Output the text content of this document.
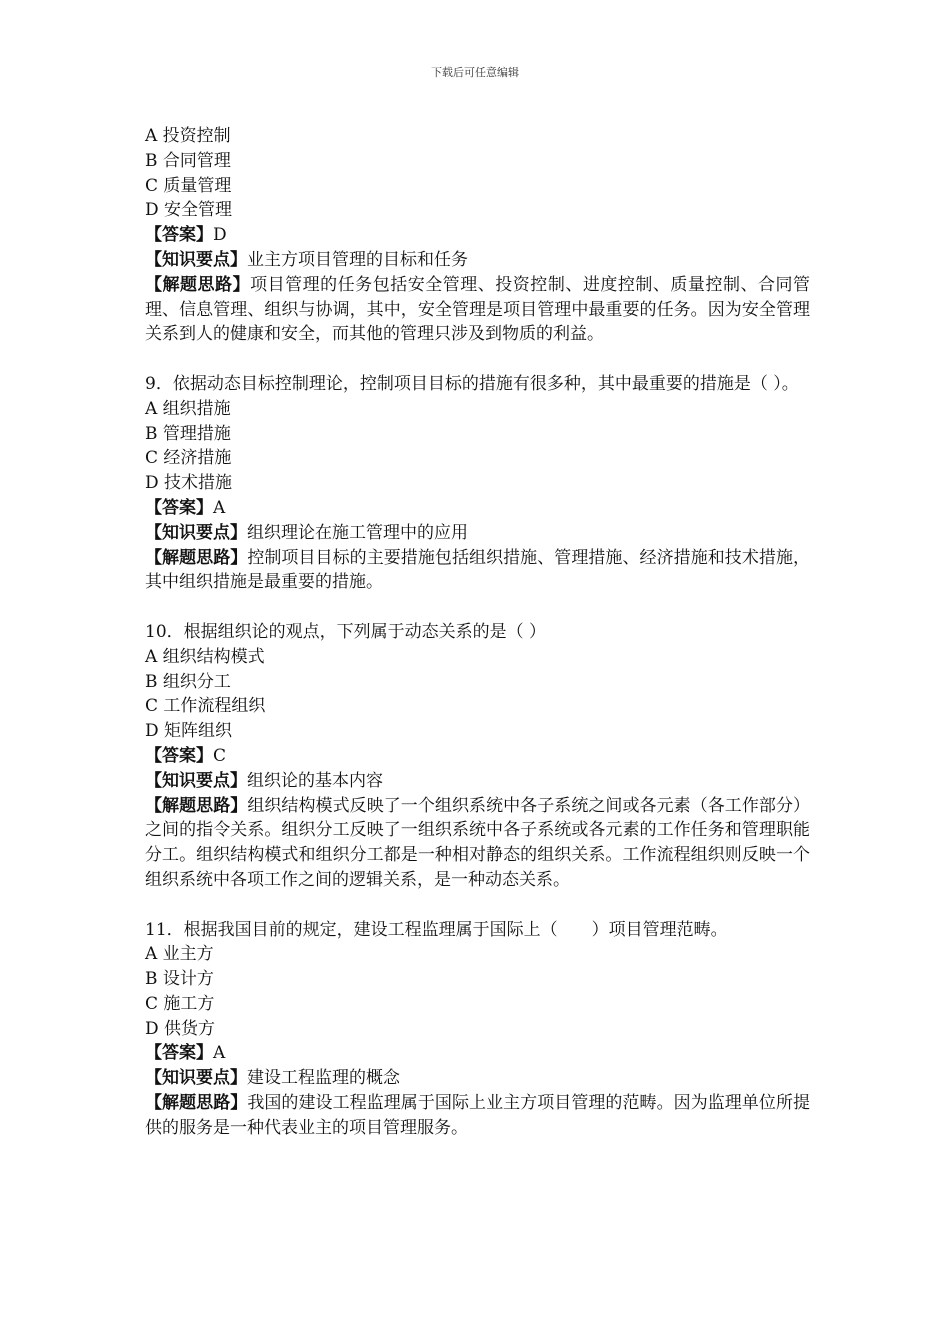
下载后可任意编辑
A 投资控制
B 合同管理
C 质量管理
D 安全管理
【答案】D
【知识要点】业主方项目管理的目标和任务
【解题思路】项目管理的任务包括安全管理、投资控制、进度控制、质量控制、合同管理、信息管理、组织与协调，其中，安全管理是项目管理中最重要的任务。因为安全管理关系到人的健康和安全，而其他的管理只涉及到物质的利益。
9．依据动态目标控制理论，控制项目目标的措施有很多种，其中最重要的措施是（ ）。
A 组织措施
B 管理措施
C 经济措施
D 技术措施
【答案】A
【知识要点】组织理论在施工管理中的应用
【解题思路】控制项目目标的主要措施包括组织措施、管理措施、经济措施和技术措施，其中组织措施是最重要的措施。
10．根据组织论的观点，下列属于动态关系的是（ ）
A 组织结构模式
B 组织分工
C 工作流程组织
D 矩阵组织
【答案】C
【知识要点】组织论的基本内容
【解题思路】组织结构模式反映了一个组织系统中各子系统之间或各元素（各工作部分）之间的指令关系。组织分工反映了一组织系统中各子系统或各元素的工作任务和管理职能分工。组织结构模式和组织分工都是一种相对静态的组织关系。工作流程组织则反映一个组织系统中各项工作之间的逻辑关系，是一种动态关系。
11．根据我国目前的规定，建设工程监理属于国际上（　　）项目管理范畴。
A 业主方
B 设计方
C 施工方
D 供货方
【答案】A
【知识要点】建设工程监理的概念
【解题思路】我国的建设工程监理属于国际上业主方项目管理的范畴。因为监理单位所提供的服务是一种代表业主的项目管理服务。
